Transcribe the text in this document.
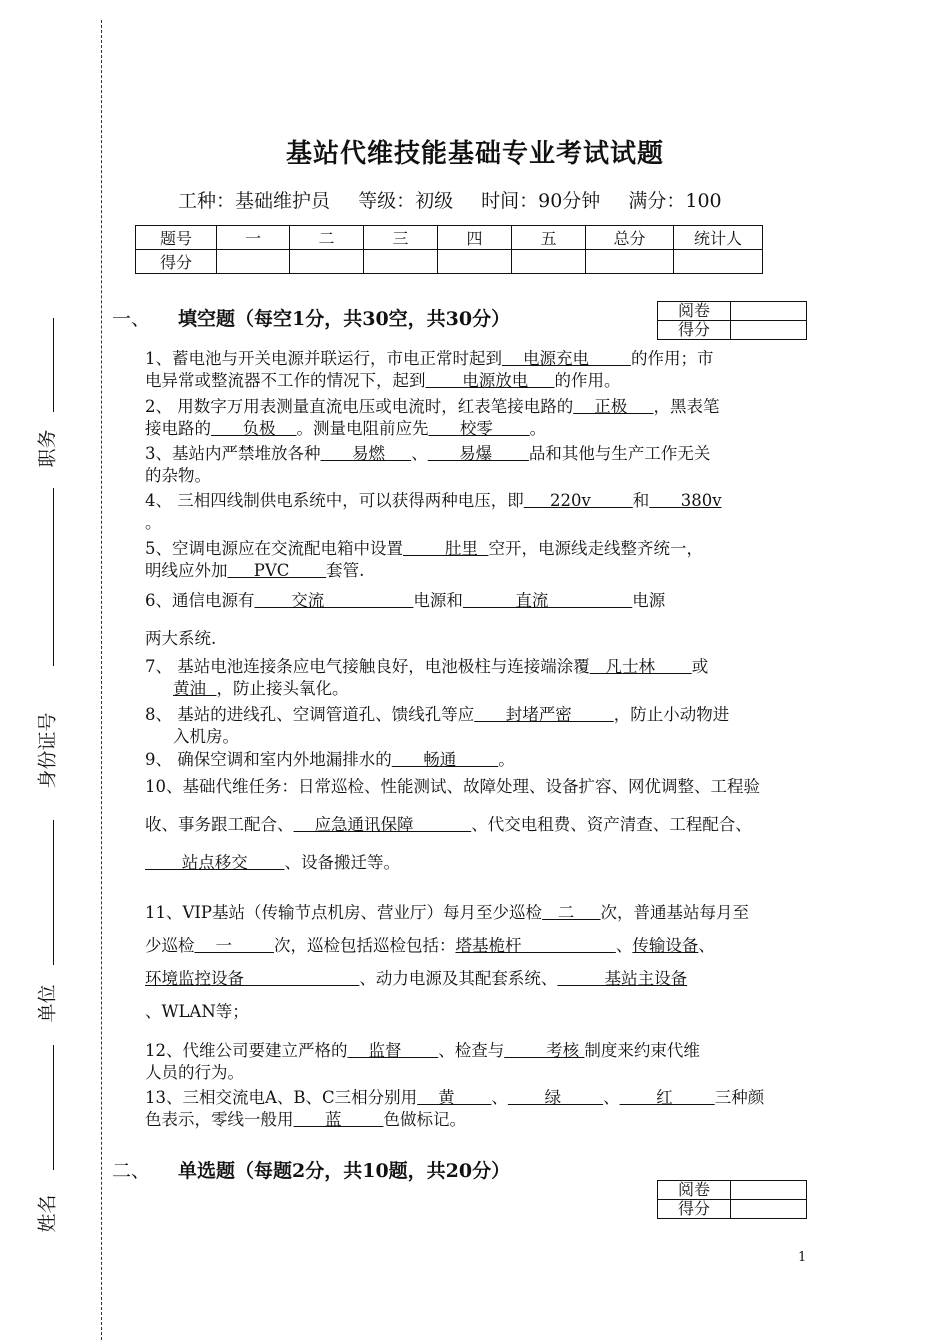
职务
身份证号
单位
姓名
基站代维技能基础专业考试试题
工种：基础维护员 等级：初级 时间：90分钟 满分：100
题号	一	二	三	四	五	总分	统计人
得分							
一、 填空题（每空1分，共30空，共30分）	阅卷	
得分	
1、蓄电池与开关电源并联运行，市电正常时起到    电源充电        的作用；市
电异常或整流器不工作的情况下，起到       电源放电     的作用。
2、 用数字万用表测量直流电压或电流时，红表笔接电路的    正极     ，黑表笔
接电路的      负极    。测量电阻前应先      校零       。
3、基站内严禁堆放各种      易燃     、      易爆       品和其他与生产工作无关
的杂物。
4、 三相四线制供电系统中，可以获得两种电压，即     220v        和      380v
。
5、空调电源应在交流配电箱中设置        肚里  空开，电源线走线整齐统一，
明线应外加     PVC       套管.
6、通信电源有       交流                 电源和          直流                电源
两大系统.
7、 基站电池连接条应电气接触良好，电池极柱与连接端涂覆   凡士林       或
黄油  ，防止接头氧化。
8、 基站的进线孔、空调管道孔、馈线孔等应      封堵严密        ，防止小动物进
入机房。
9、 确保空调和室内外地漏排水的      畅通        。
10、基础代维任务：日常巡检、性能测试、故障处理、设备扩容、网优调整、工程验
收、事务跟工配合、    应急通讯保障           、代交电租费、资产清查、工程配合、
站点移交       、设备搬迁等。
11、VIP基站（传输节点机房、营业厅）每月至少巡检   二     次，普通基站每月至
少巡检    一        次，巡检包括巡检包括：塔基桅杆                  、传输设备、
环境监控设备                      、动力电源及其配套系统、         基站主设备
、WLAN等；
12、代维公司要建立严格的    监督       、检查与        考核 制度来约束代维
人员的行为。
13、三相交流电A、B、C三相分别用    黄       、       绿        、       红        三种颜
色表示，零线一般用      蓝        色做标记。
二、 单选题（每题2分，共10题，共20分）
阅卷	
得分	
1
